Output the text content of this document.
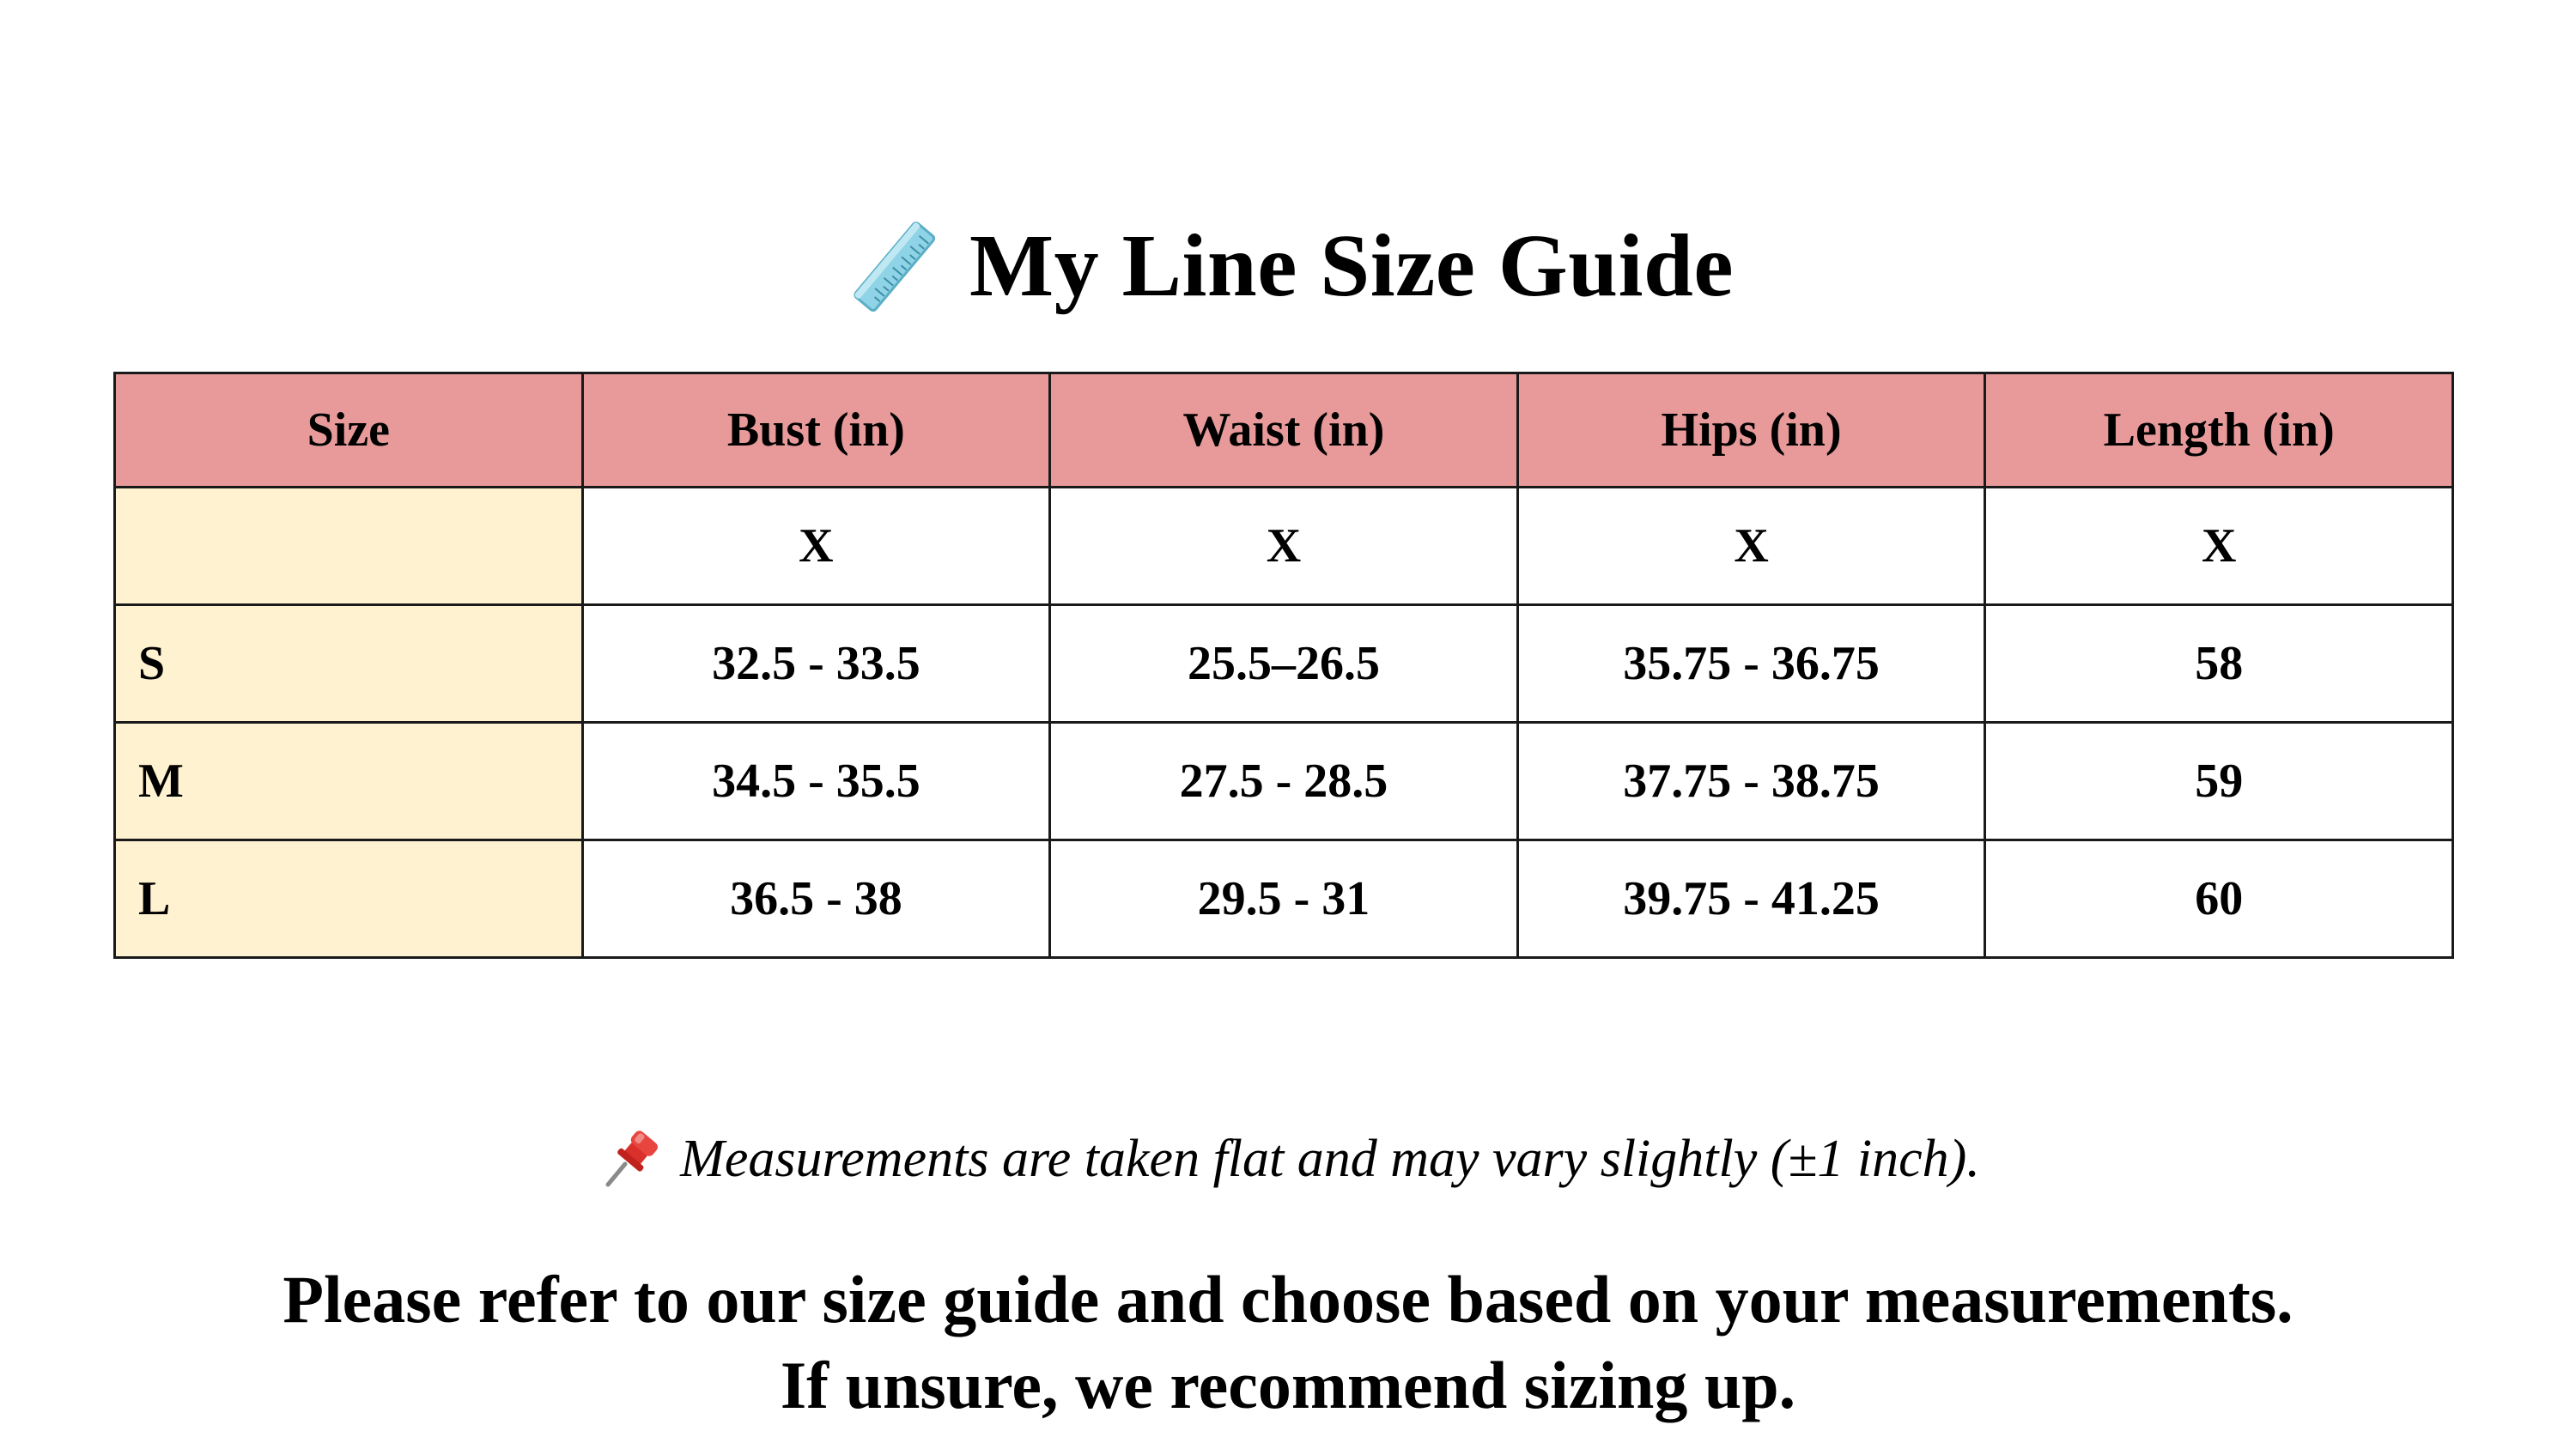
My Line Size Guide
Size	Bust (in)	Waist (in)	Hips (in)	Length (in)
	X	X	X	X
S	32.5 - 33.5	25.5–26.5	35.75 - 36.75	58
M	34.5 - 35.5	27.5 - 28.5	37.75 - 38.75	59
L	36.5 - 38	29.5 - 31	39.75 - 41.25	60
Measurements are taken flat and may vary slightly (±1 inch).
Please refer to our size guide and choose based on your measurements.
If unsure, we recommend sizing up.
